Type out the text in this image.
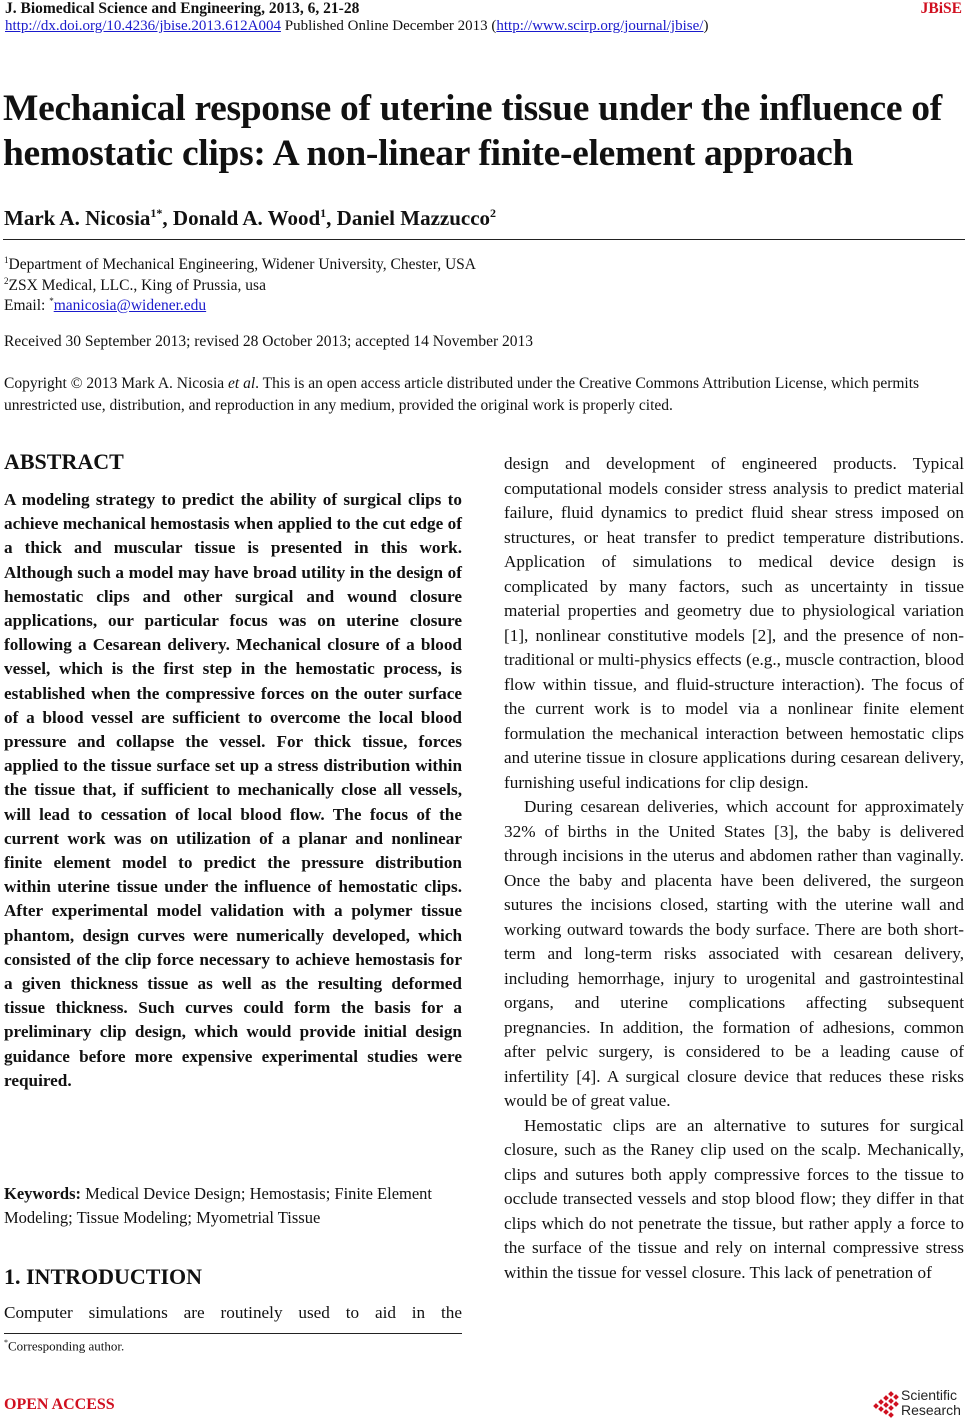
J. Biomedical Science and Engineering, 2013, 6, 21-28	JBiSE
http://dx.doi.org/10.4236/jbise.2013.612A004 Published Online December 2013 (http://www.scirp.org/journal/jbise/)
Mechanical response of uterine tissue under the influence of hemostatic clips: A non-linear finite-element approach
Mark A. Nicosia$^{1*}$, Donald A. Wood$^1$, Daniel Mazzucco$^2$
$^1$Department of Mechanical Engineering, Widener University, Chester, USA
$^2$ZSX Medical, LLC., King of Prussia, usa
Email: *manicosia@widener.edu
Received 30 September 2013; revised 28 October 2013; accepted 14 November 2013
Copyright © 2013 Mark A. Nicosia et al. This is an open access article distributed under the Creative Commons Attribution License, which permits unrestricted use, distribution, and reproduction in any medium, provided the original work is properly cited.
ABSTRACT
A modeling strategy to predict the ability of surgical clips to achieve mechanical hemostasis when applied to the cut edge of a thick and muscular tissue is presented in this work. Although such a model may have broad utility in the design of hemostatic clips and other surgical and wound closure applications, our particular focus was on uterine closure following a Cesarean delivery. Mechanical closure of a blood vessel, which is the first step in the hemostatic process, is established when the compressive forces on the outer surface of a blood vessel are sufficient to overcome the local blood pressure and collapse the vessel. For thick tissue, forces applied to the tissue surface set up a stress distribution within the tissue that, if sufficient to mechanically close all vessels, will lead to cessation of local blood flow. The focus of the current work was on utilization of a planar and nonlinear finite element model to predict the pressure distribution within uterine tissue under the influence of hemostatic clips. After experimental model validation with a polymer tissue phantom, design curves were numerically developed, which consisted of the clip force necessary to achieve hemostasis for a given thickness tissue as well as the resulting deformed tissue thickness. Such curves could form the basis for a preliminary clip design, which would provide initial design guidance before more expensive experimental studies were required.
Keywords: Medical Device Design; Hemostasis; Finite Element Modeling; Tissue Modeling; Myometrial Tissue
1. INTRODUCTION
Computer simulations are routinely used to aid in the
*Corresponding author.

design and development of engineered products. Typical computational models consider stress analysis to predict material failure, fluid dynamics to predict fluid shear stress imposed on structures, or heat transfer to predict temperature distributions. Application of simulations to medical device design is complicated by many factors, such as uncertainty in tissue material properties and geometry due to physiological variation [1], nonlinear constitutive models [2], and the presence of non-traditional or multi-physics effects (e.g., muscle contraction, blood flow within tissue, and fluid-structure interaction). The focus of the current work is to model via a nonlinear finite element formulation the mechanical interaction between hemostatic clips and uterine tissue in closure applications during cesarean delivery, furnishing useful indications for clip design.

During cesarean deliveries, which account for approximately 32% of births in the United States [3], the baby is delivered through incisions in the uterus and abdomen rather than vaginally. Once the baby and placenta have been delivered, the surgeon sutures the incisions closed, starting with the uterine wall and working outward towards the body surface. There are both short-term and long-term risks associated with cesarean delivery, including hemorrhage, injury to urogenital and gastrointestinal organs, and uterine complications affecting subsequent pregnancies. In addition, the formation of adhesions, common after pelvic surgery, is considered to be a leading cause of infertility [4]. A surgical closure device that reduces these risks would be of great value.

Hemostatic clips are an alternative to sutures for surgical closure, such as the Raney clip used on the scalp. Mechanically, clips and sutures both apply compressive forces to the tissue to occlude transected vessels and stop blood flow; they differ in that clips which do not penetrate the tissue, but rather apply a force to the surface of the tissue and rely on internal compressive stress within the tissue for vessel closure. This lack of penetration of

OPEN ACCESS
Scientific
Research
